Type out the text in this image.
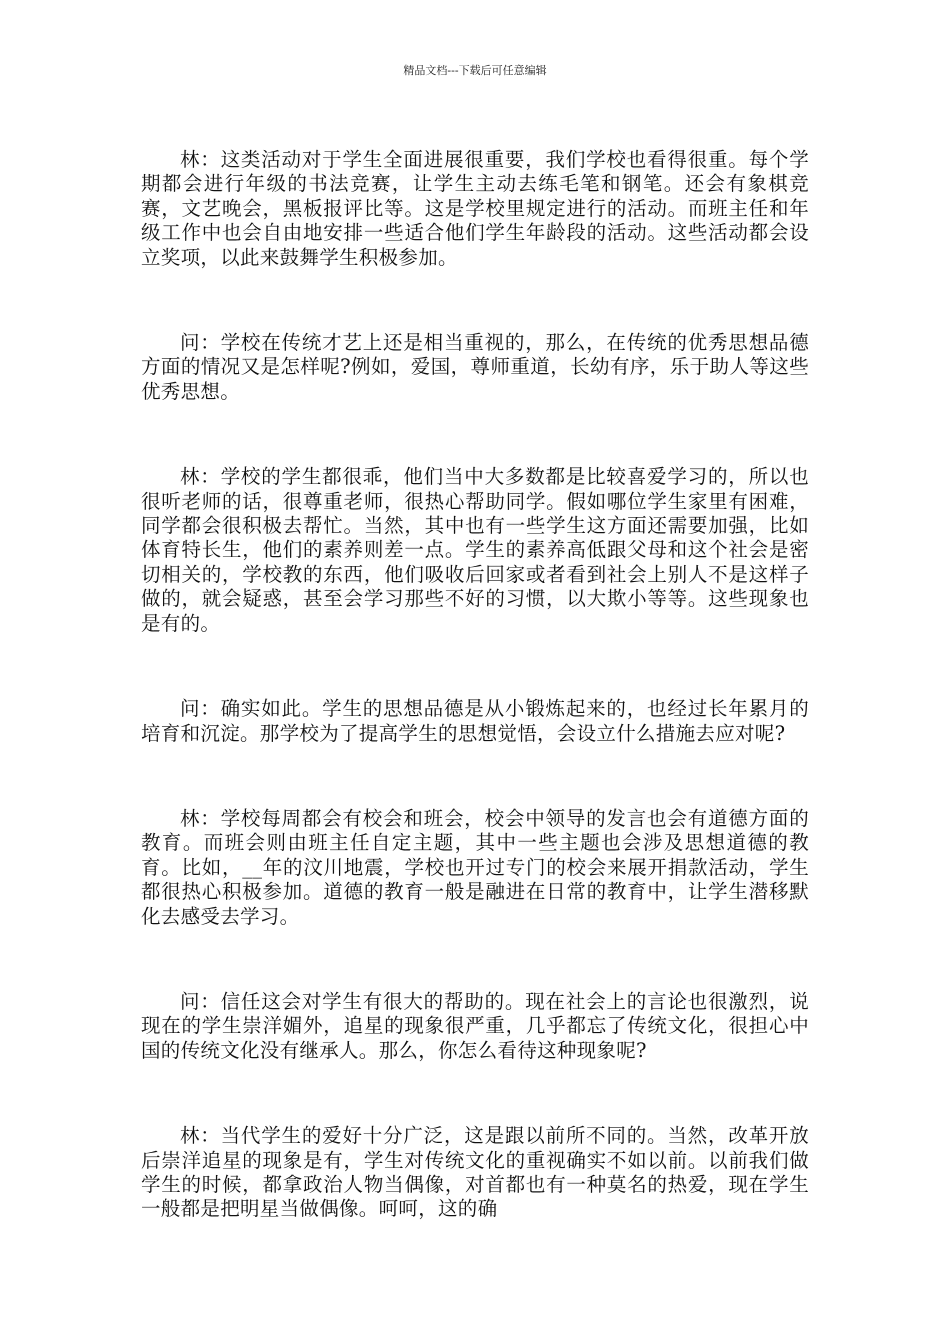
精品文档---下载后可任意编辑

林：这类活动对于学生全面进展很重要，我们学校也看得很重。每个学期都会进行年级的书法竞赛，让学生主动去练毛笔和钢笔。还会有象棋竞赛，文艺晚会，黑板报评比等。这是学校里规定进行的活动。而班主任和年级工作中也会自由地安排一些适合他们学生年龄段的活动。这些活动都会设立奖项，以此来鼓舞学生积极参加。

问：学校在传统才艺上还是相当重视的，那么，在传统的优秀思想品德方面的情况又是怎样呢?例如，爱国，尊师重道，长幼有序，乐于助人等这些优秀思想。

林：学校的学生都很乖，他们当中大多数都是比较喜爱学习的，所以也很听老师的话，很尊重老师，很热心帮助同学。假如哪位学生家里有困难，同学都会很积极去帮忙。当然，其中也有一些学生这方面还需要加强，比如体育特长生，他们的素养则差一点。学生的素养高低跟父母和这个社会是密切相关的，学校教的东西，他们吸收后回家或者看到社会上别人不是这样子做的，就会疑惑，甚至会学习那些不好的习惯，以大欺小等等。这些现象也是有的。

问：确实如此。学生的思想品德是从小锻炼起来的，也经过长年累月的培育和沉淀。那学校为了提高学生的思想觉悟，会设立什么措施去应对呢?

林：学校每周都会有校会和班会，校会中领导的发言也会有道德方面的教育。而班会则由班主任自定主题，其中一些主题也会涉及思想道德的教育。比如，__年的汶川地震，学校也开过专门的校会来展开捐款活动，学生都很热心积极参加。道德的教育一般是融进在日常的教育中，让学生潜移默化去感受去学习。

问：信任这会对学生有很大的帮助的。现在社会上的言论也很激烈，说现在的学生崇洋媚外，追星的现象很严重，几乎都忘了传统文化，很担心中国的传统文化没有继承人。那么，你怎么看待这种现象呢?

林：当代学生的爱好十分广泛，这是跟以前所不同的。当然，改革开放后崇洋追星的现象是有，学生对传统文化的重视确实不如以前。以前我们做学生的时候，都拿政治人物当偶像，对首都也有一种莫名的热爱，现在学生一般都是把明星当做偶像。呵呵，这的确
